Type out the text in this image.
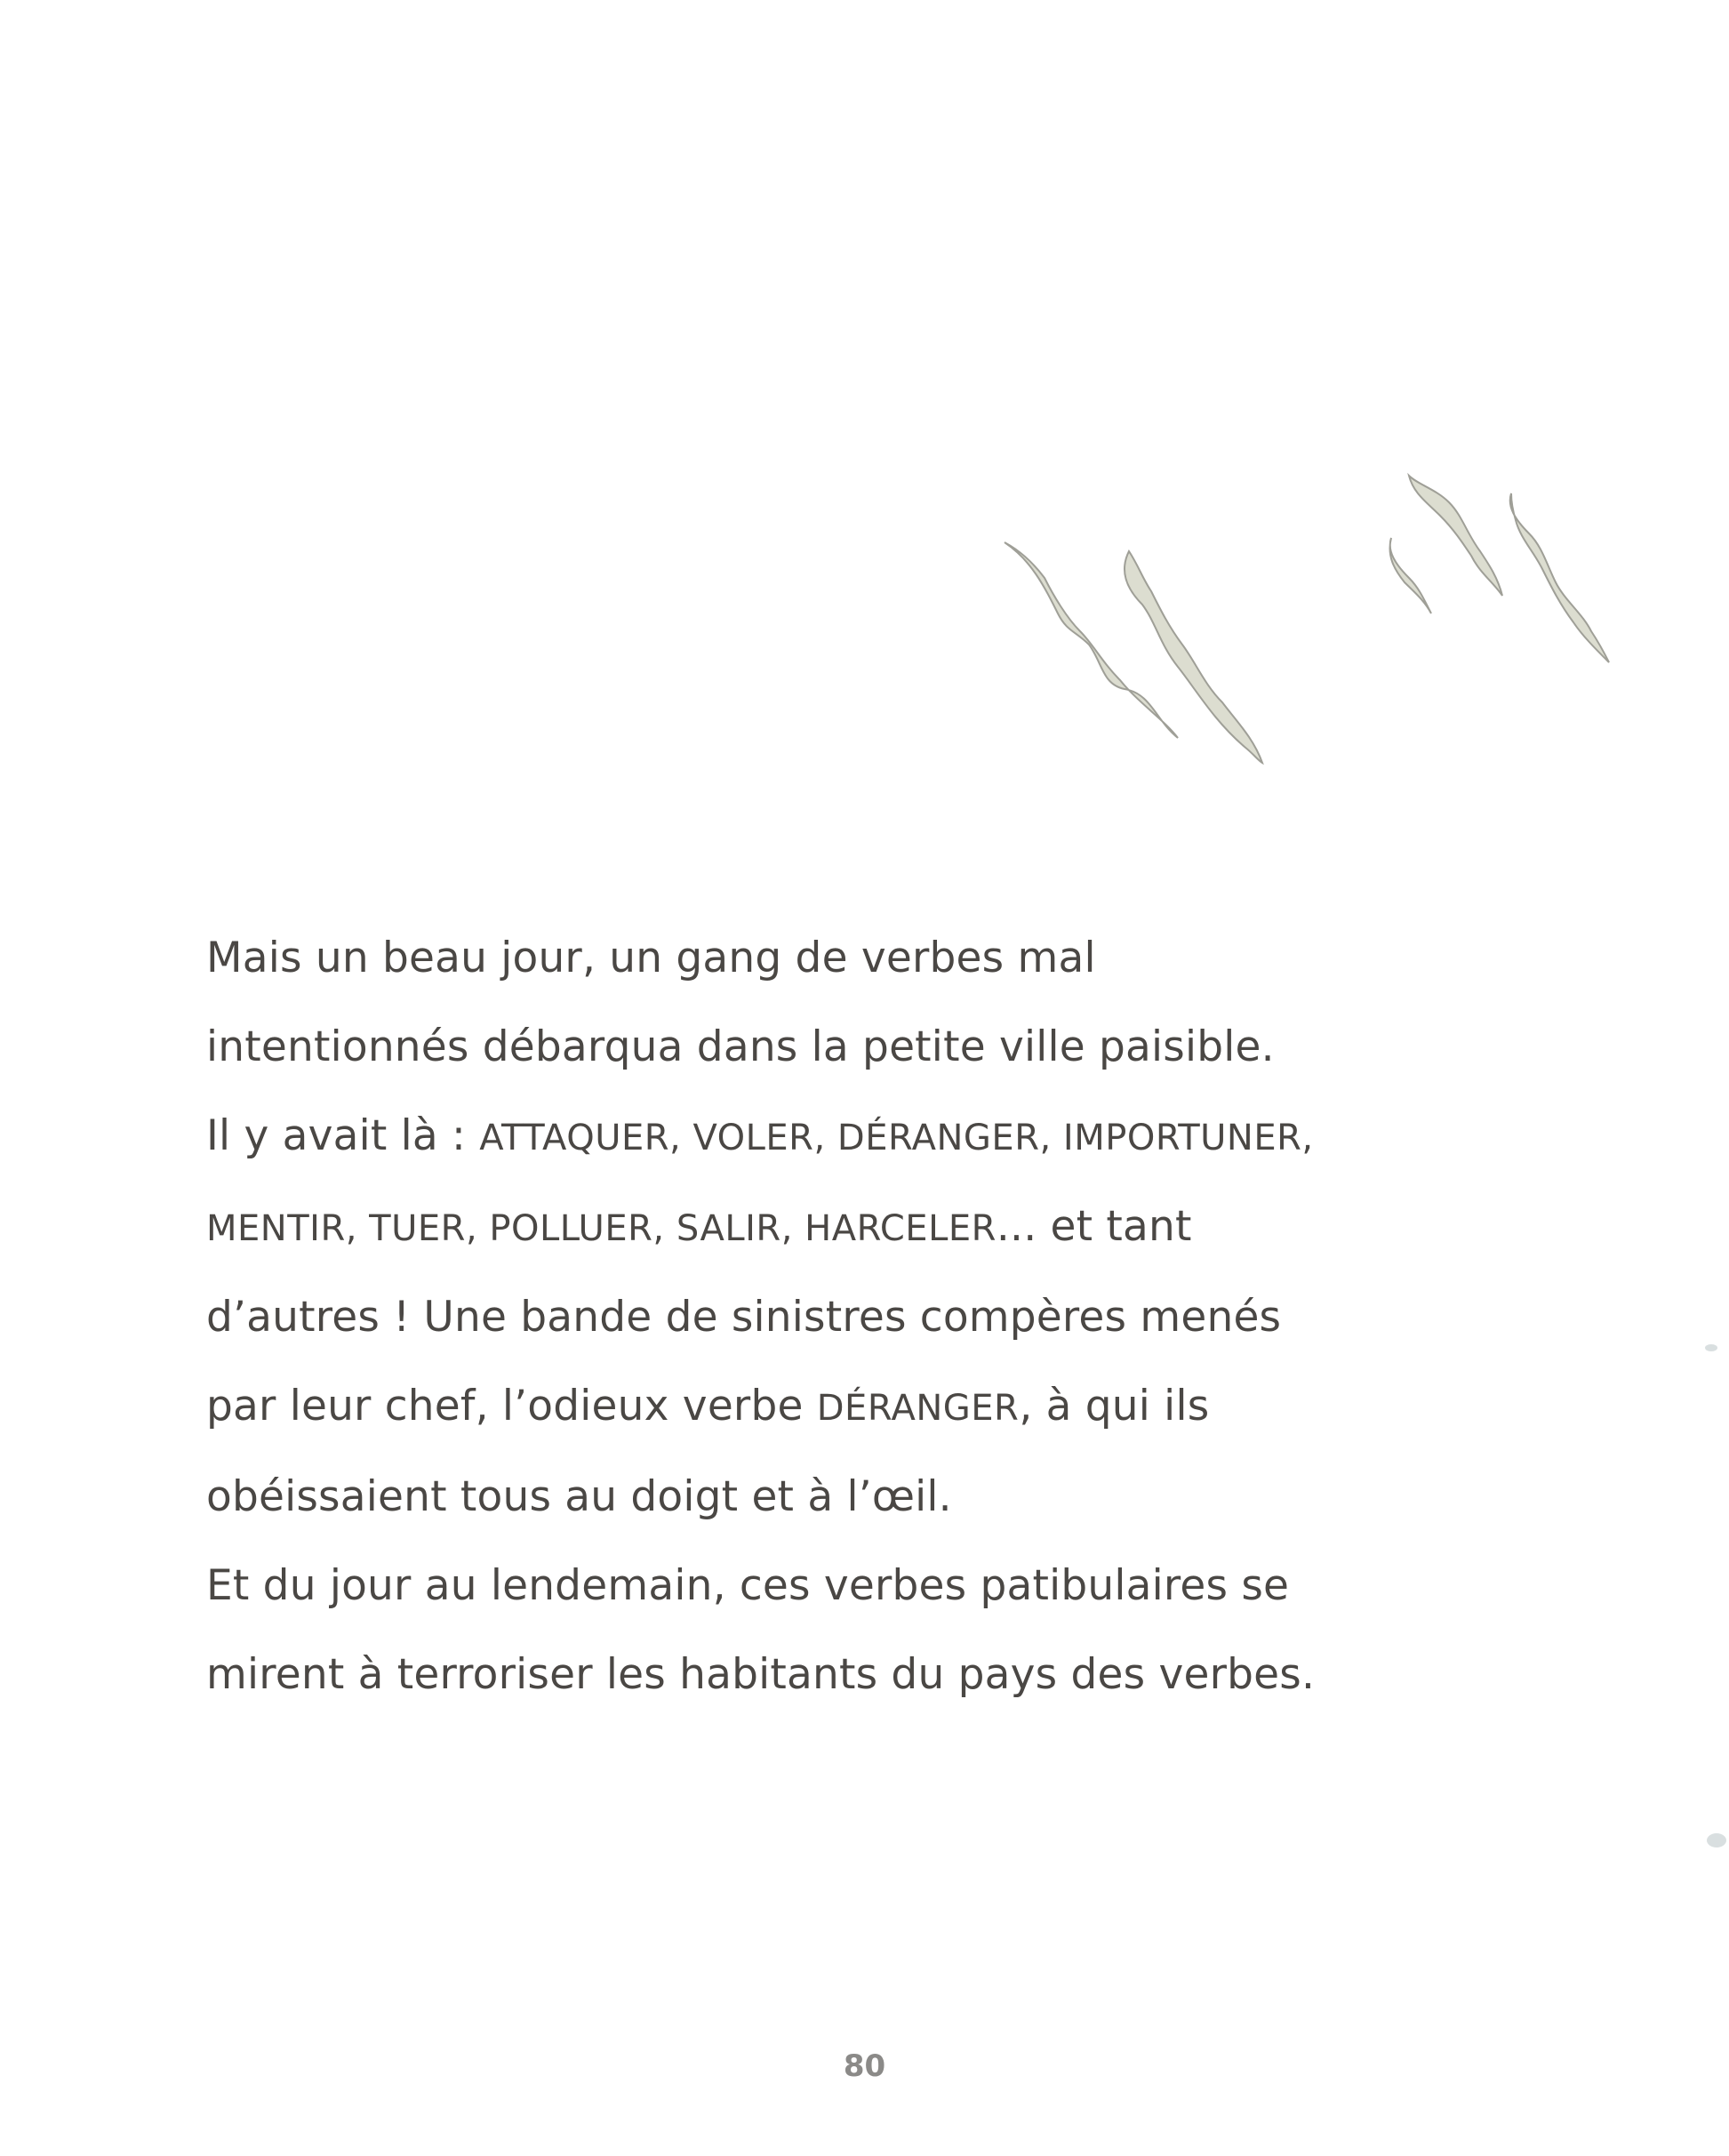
Mais un beau jour, un gang de verbes mal
intentionnés débarqua dans la petite ville paisible.
Il y avait là : ATTAQUER, VOLER, DÉRANGER, IMPORTUNER,
MENTIR, TUER, POLLUER, SALIR, HARCELER... et tant
d’autres ! Une bande de sinistres compères menés
par leur chef, l’odieux verbe DÉRANGER, à qui ils
obéissaient tous au doigt et à l’œil.
Et du jour au lendemain, ces verbes patibulaires se
mirent à terroriser les habitants du pays des verbes.

80
